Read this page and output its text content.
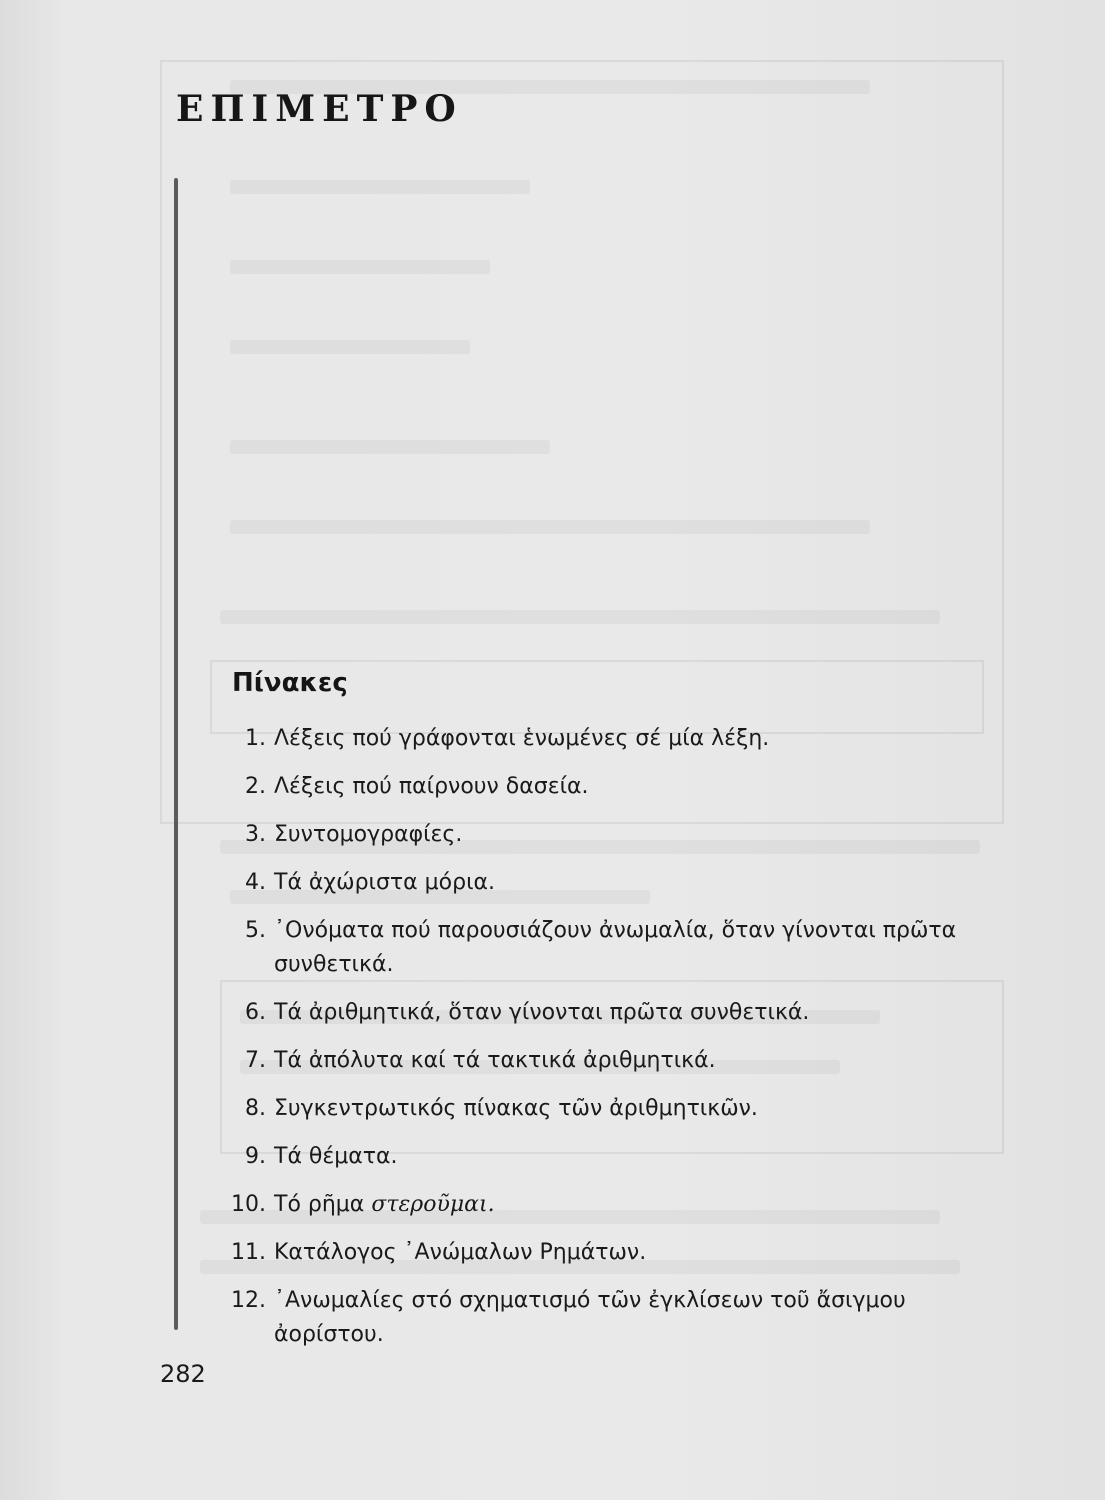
ΕΠΙΜΕΤΡΟ
Πίνακες
1. Λέξεις πού γράφονται ἑνωμένες σέ μία λέξη.
2. Λέξεις πού παίρνουν δασεία.
3. Συντομογραφίες.
4. Τά ἀχώριστα μόρια.
5. ᾿Ονόματα πού παρουσιάζουν ἀνωμαλία, ὅταν γίνονται πρῶτα συνθετικά.
6. Τά ἀριθμητικά, ὅταν γίνονται πρῶτα συνθετικά.
7. Τά ἀπόλυτα καί τά τακτικά ἀριθμητικά.
8. Συγκεντρωτικός πίνακας τῶν ἀριθμητικῶν.
9. Τά θέματα.
10. Τό ρῆμα στεροῦμαι.
11. Κατάλογος ᾿Ανώμαλων Ρημάτων.
12. ᾿Ανωμαλίες στό σχηματισμό τῶν ἐγκλίσεων τοῦ ἄσιγμου ἀορίστου.

282
